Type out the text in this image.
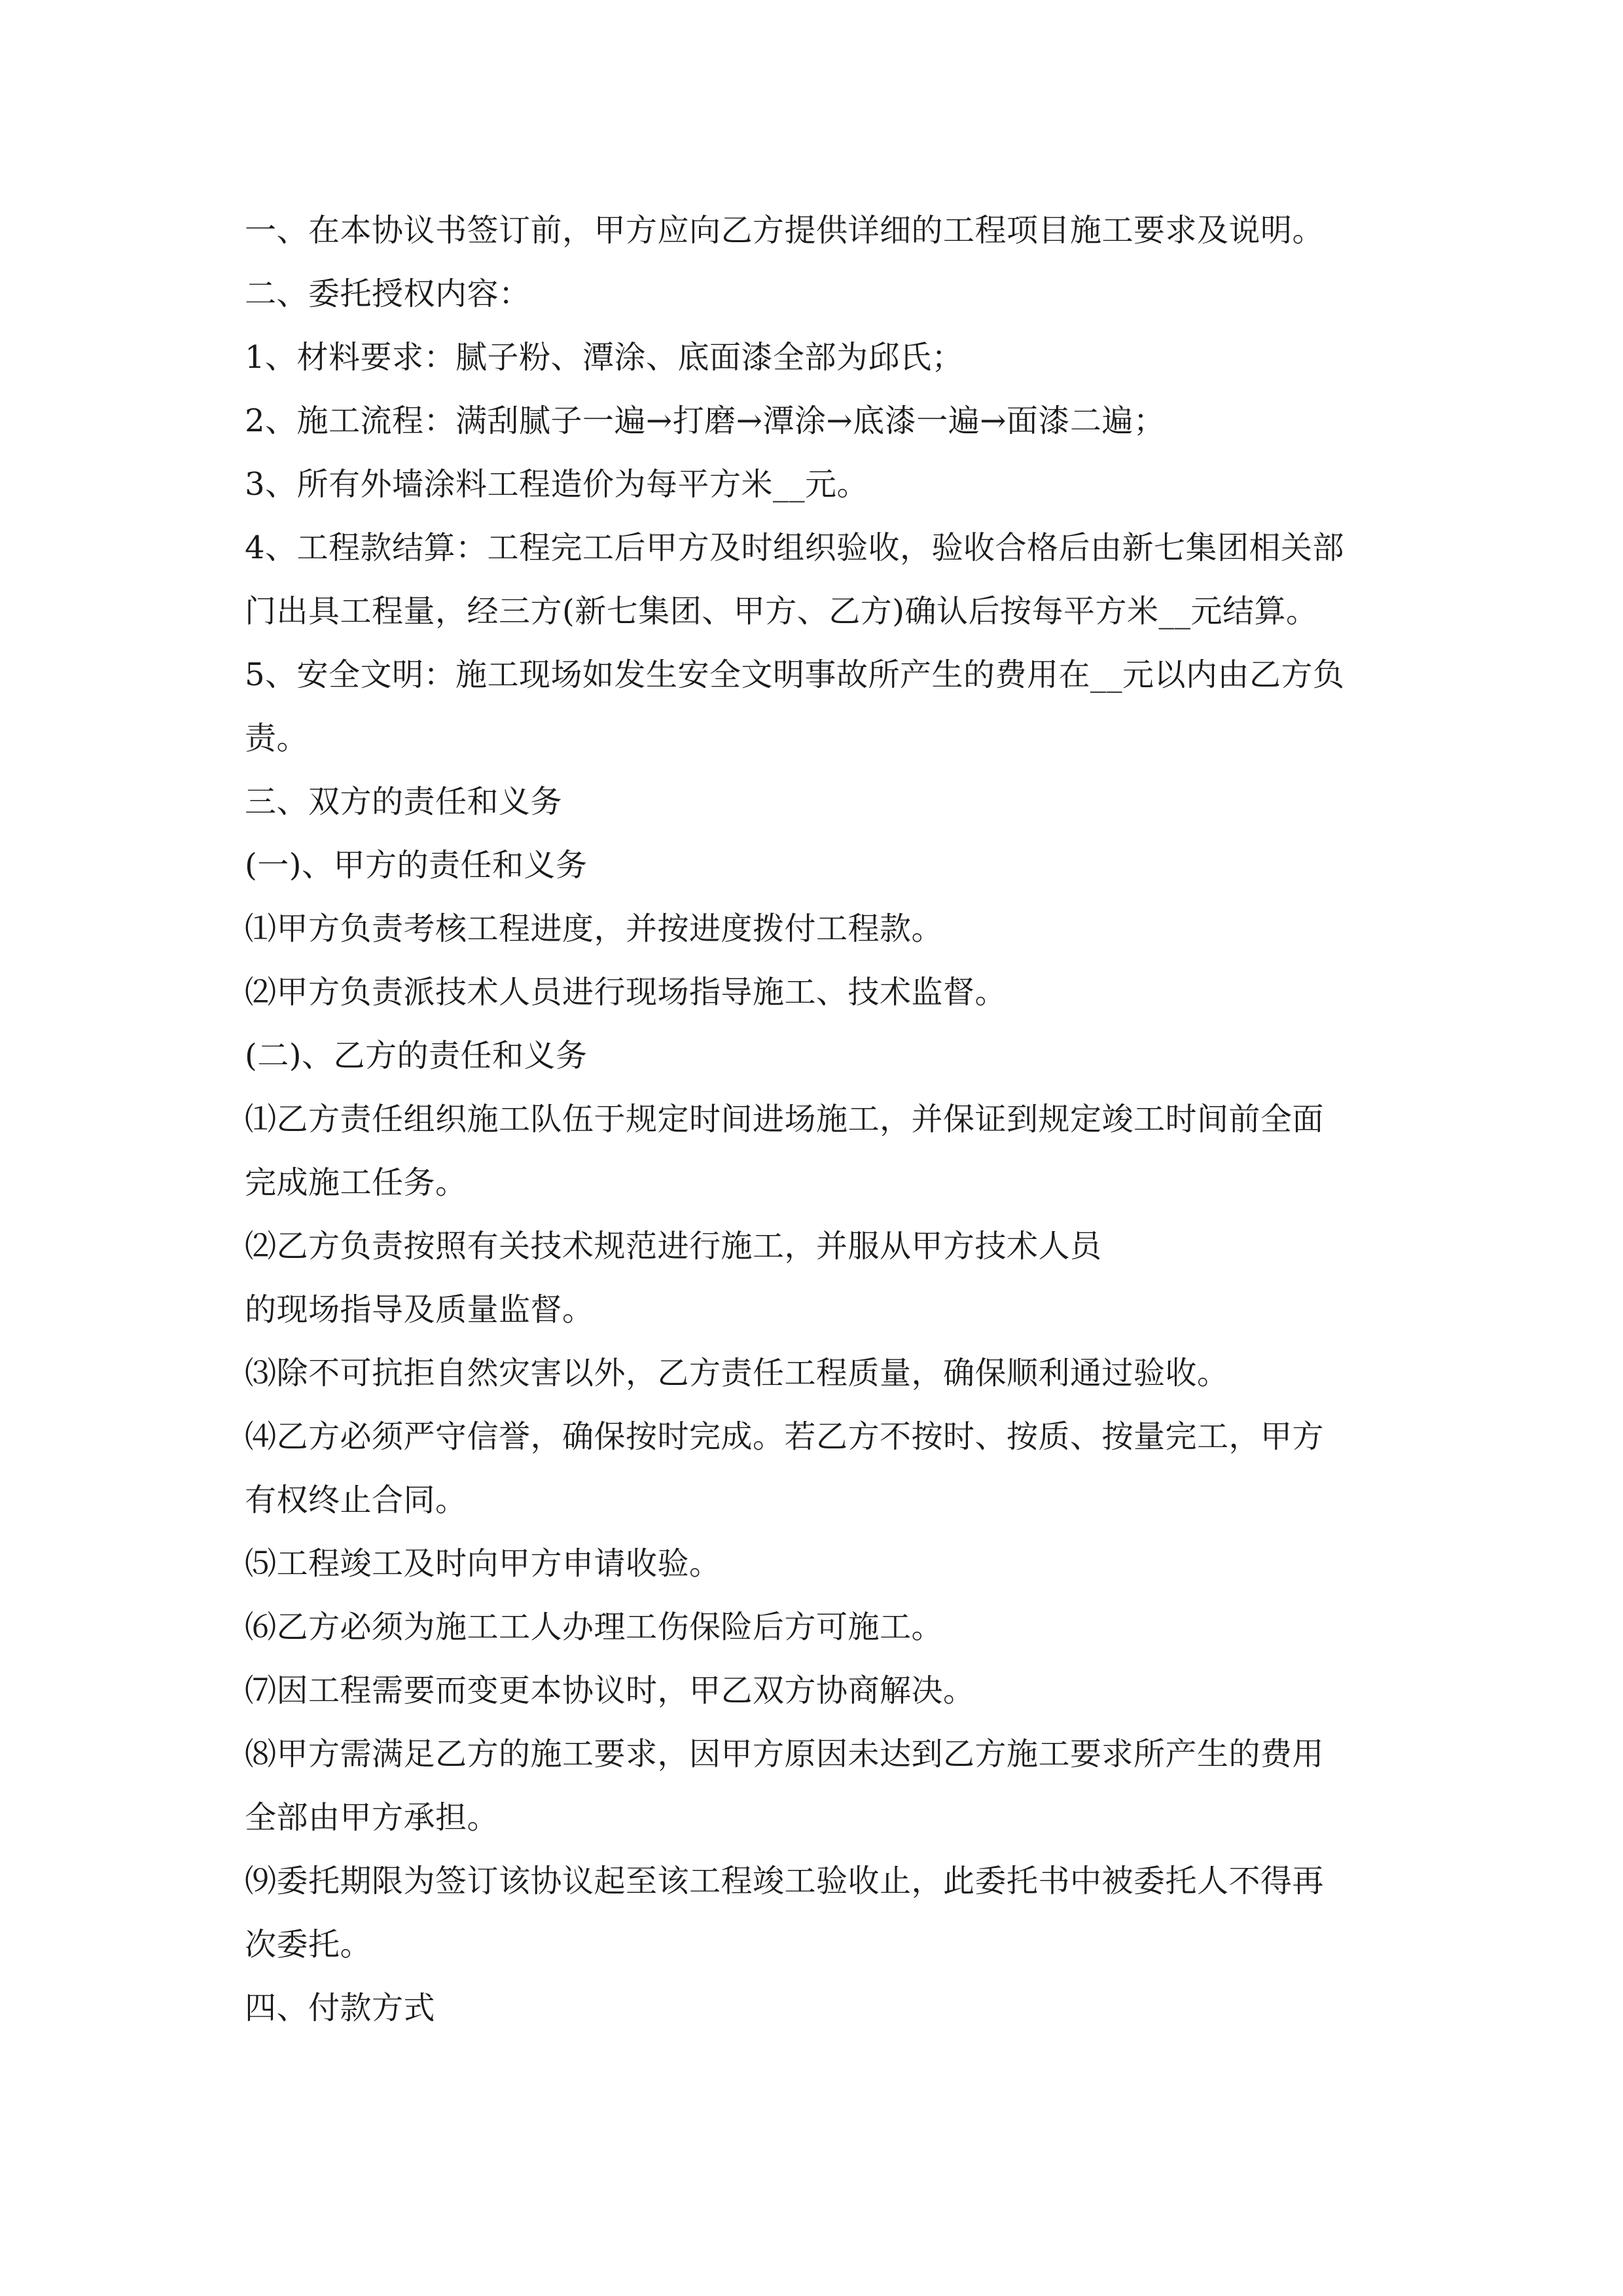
一、在本协议书签订前，甲方应向乙方提供详细的工程项目施工要求及说明。
二、委托授权内容：
1、材料要求：腻子粉、潭涂、底面漆全部为邱氏；
2、施工流程：满刮腻子一遍→打磨→潭涂→底漆一遍→面漆二遍；
3、所有外墙涂料工程造价为每平方米__元。
4、工程款结算：工程完工后甲方及时组织验收，验收合格后由新七集团相关部
门出具工程量，经三方(新七集团、甲方、乙方)确认后按每平方米__元结算。
5、安全文明：施工现场如发生安全文明事故所产生的费用在__元以内由乙方负
责。
三、双方的责任和义务
(一)、甲方的责任和义务
⑴甲方负责考核工程进度，并按进度拨付工程款。
⑵甲方负责派技术人员进行现场指导施工、技术监督。
(二)、乙方的责任和义务
⑴乙方责任组织施工队伍于规定时间进场施工，并保证到规定竣工时间前全面
完成施工任务。
⑵乙方负责按照有关技术规范进行施工，并服从甲方技术人员
的现场指导及质量监督。
⑶除不可抗拒自然灾害以外，乙方责任工程质量，确保顺利通过验收。
⑷乙方必须严守信誉，确保按时完成。若乙方不按时、按质、按量完工，甲方
有权终止合同。
⑸工程竣工及时向甲方申请收验。
⑹乙方必须为施工工人办理工伤保险后方可施工。
⑺因工程需要而变更本协议时，甲乙双方协商解决。
⑻甲方需满足乙方的施工要求，因甲方原因未达到乙方施工要求所产生的费用
全部由甲方承担。
⑼委托期限为签订该协议起至该工程竣工验收止，此委托书中被委托人不得再
次委托。
四、付款方式
